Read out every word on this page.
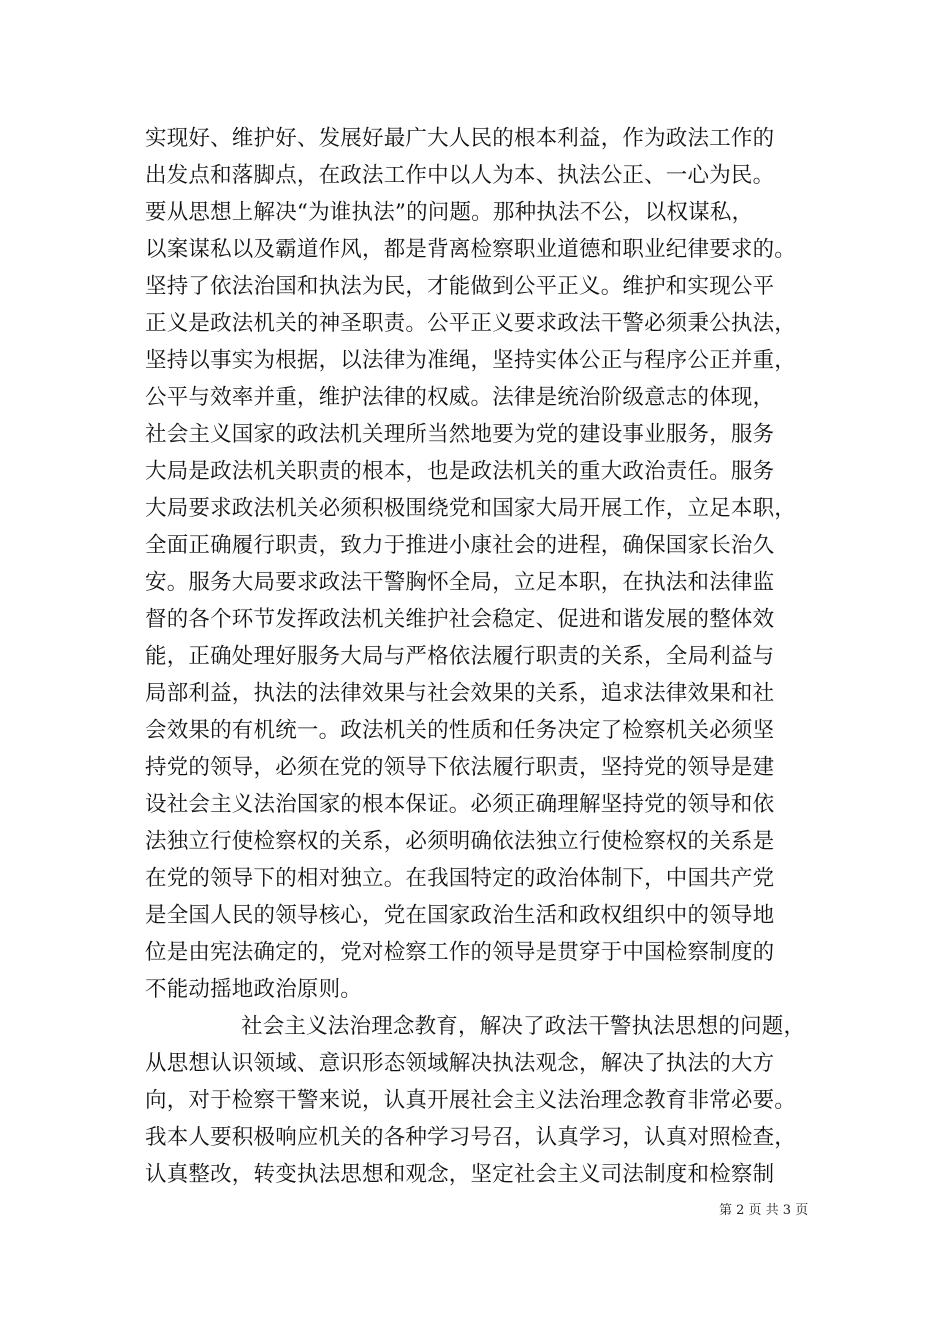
实现好、维护好、发展好最广大人民的根本利益，作为政法工作的
出发点和落脚点，在政法工作中以人为本、执法公正、一心为民。
要从思想上解决“为谁执法”的问题。那种执法不公，以权谋私，
以案谋私以及霸道作风，都是背离检察职业道德和职业纪律要求的。
坚持了依法治国和执法为民，才能做到公平正义。维护和实现公平
正义是政法机关的神圣职责。公平正义要求政法干警必须秉公执法，
坚持以事实为根据，以法律为准绳，坚持实体公正与程序公正并重，
公平与效率并重，维护法律的权威。法律是统治阶级意志的体现，
社会主义国家的政法机关理所当然地要为党的建设事业服务，服务
大局是政法机关职责的根本，也是政法机关的重大政治责任。服务
大局要求政法机关必须积极围绕党和国家大局开展工作，立足本职，
全面正确履行职责，致力于推进小康社会的进程，确保国家长治久
安。服务大局要求政法干警胸怀全局，立足本职，在执法和法律监
督的各个环节发挥政法机关维护社会稳定、促进和谐发展的整体效
能，正确处理好服务大局与严格依法履行职责的关系，全局利益与
局部利益，执法的法律效果与社会效果的关系，追求法律效果和社
会效果的有机统一。政法机关的性质和任务决定了检察机关必须坚
持党的领导，必须在党的领导下依法履行职责，坚持党的领导是建
设社会主义法治国家的根本保证。必须正确理解坚持党的领导和依
法独立行使检察权的关系，必须明确依法独立行使检察权的关系是
在党的领导下的相对独立。在我国特定的政治体制下，中国共产党
是全国人民的领导核心，党在国家政治生活和政权组织中的领导地
位是由宪法确定的，党对检察工作的领导是贯穿于中国检察制度的
不能动摇地政治原则。
社会主义法治理念教育，解决了政法干警执法思想的问题，
从思想认识领域、意识形态领域解决执法观念，解决了执法的大方
向，对于检察干警来说，认真开展社会主义法治理念教育非常必要。
我本人要积极响应机关的各种学习号召，认真学习，认真对照检查，
认真整改，转变执法思想和观念，坚定社会主义司法制度和检察制
第 2 页 共 3 页
